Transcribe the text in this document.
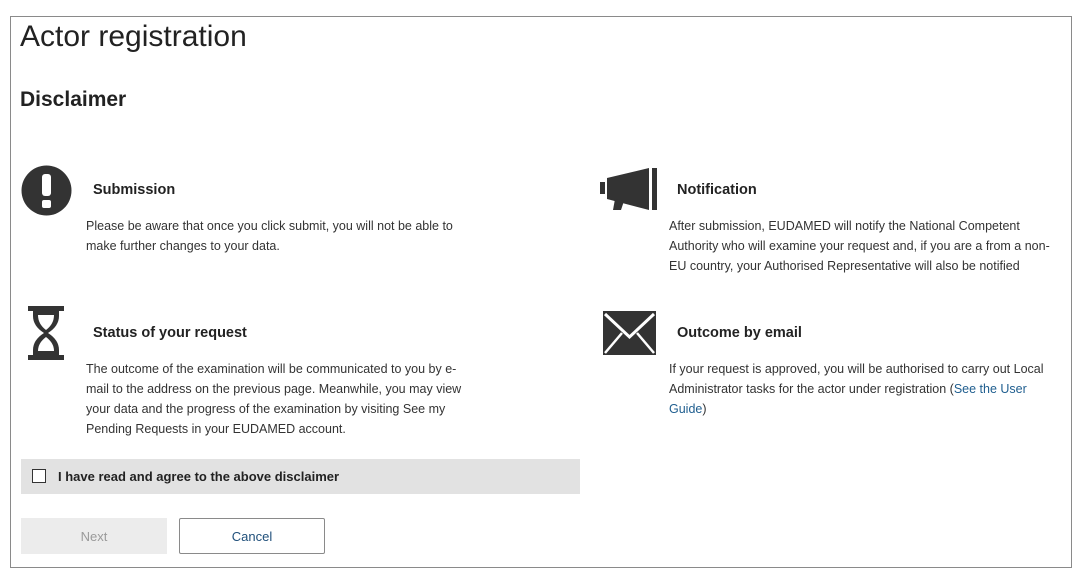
Actor registration
Disclaimer
Submission
Please be aware that once you click submit, you will not be able to
make further changes to your data.
Notification
After submission, EUDAMED will notify the National Competent
Authority who will examine your request and, if you are a from a non-
EU country, your Authorised Representative will also be notified
Status of your request
The outcome of the examination will be communicated to you by e-
mail to the address on the previous page. Meanwhile, you may view
your data and the progress of the examination by visiting See my
Pending Requests in your EUDAMED account.
Outcome by email
If your request is approved, you will be authorised to carry out Local
Administrator tasks for the actor under registration (See the User
Guide)
I have read and agree to the above disclaimer
Next	Cancel
